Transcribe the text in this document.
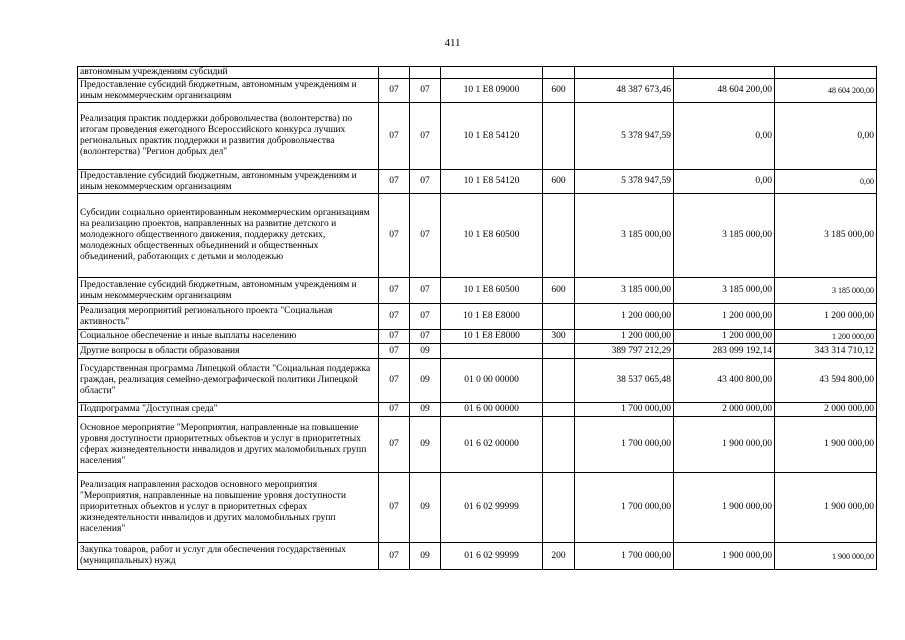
411
автономным учреждениям субсидий							
Предоставление субсидий бюджетным, автономным учреждениям и иным некоммерческим организациям	07	07	10 1 E8 09000	600	48 387 673,46	48 604 200,00	48 604 200,00
Реализация практик поддержки добровольчества (волонтерства) по итогам проведения ежегодного Всероссийского конкурса лучших региональных практик поддержки и развития добровольчества (волонтерства) "Регион добрых дел"	07	07	10 1 E8 54120		5 378 947,59	0,00	0,00
Предоставление субсидий бюджетным, автономным учреждениям и иным некоммерческим организациям	07	07	10 1 E8 54120	600	5 378 947,59	0,00	0,00
Субсидии социально ориентированным некоммерческим организациям на реализацию проектов, направленных на развитие детского и молодежного общественного движения, поддержку детских, молодежных общественных объединений и общественных объединений, работающих с детьми и молодежью	07	07	10 1 E8 60500		3 185 000,00	3 185 000,00	3 185 000,00
Предоставление субсидий бюджетным, автономным учреждениям и иным некоммерческим организациям	07	07	10 1 E8 60500	600	3 185 000,00	3 185 000,00	3 185 000,00
Реализация мероприятий регионального проекта "Социальная активность"	07	07	10 1 E8 E8000		1 200 000,00	1 200 000,00	1 200 000,00
Социальное обеспечение и иные выплаты населению	07	07	10 1 E8 E8000	300	1 200 000,00	1 200 000,00	1 200 000,00
Другие вопросы в области образования	07	09			389 797 212,29	283 099 192,14	343 314 710,12
Государственная программа Липецкой области "Социальная поддержка граждан, реализация семейно-демографической политики Липецкой области"	07	09	01 0 00 00000		38 537 065,48	43 400 800,00	43 594 800,00
Подпрограмма "Доступная среда"	07	09	01 6 00 00000		1 700 000,00	2 000 000,00	2 000 000,00
Основное мероприятие "Мероприятия, направленные на повышение уровня доступности приоритетных объектов и услуг в приоритетных сферах жизнедеятельности инвалидов и других маломобильных групп населения"	07	09	01 6 02 00000		1 700 000,00	1 900 000,00	1 900 000,00
Реализация направления расходов основного мероприятия "Мероприятия, направленные на повышение уровня доступности приоритетных объектов и услуг в приоритетных сферах жизнедеятельности инвалидов и других маломобильных групп населения"	07	09	01 6 02 99999		1 700 000,00	1 900 000,00	1 900 000,00
Закупка товаров, работ и услуг для обеспечения государственных (муниципальных) нужд	07	09	01 6 02 99999	200	1 700 000,00	1 900 000,00	1 900 000,00
